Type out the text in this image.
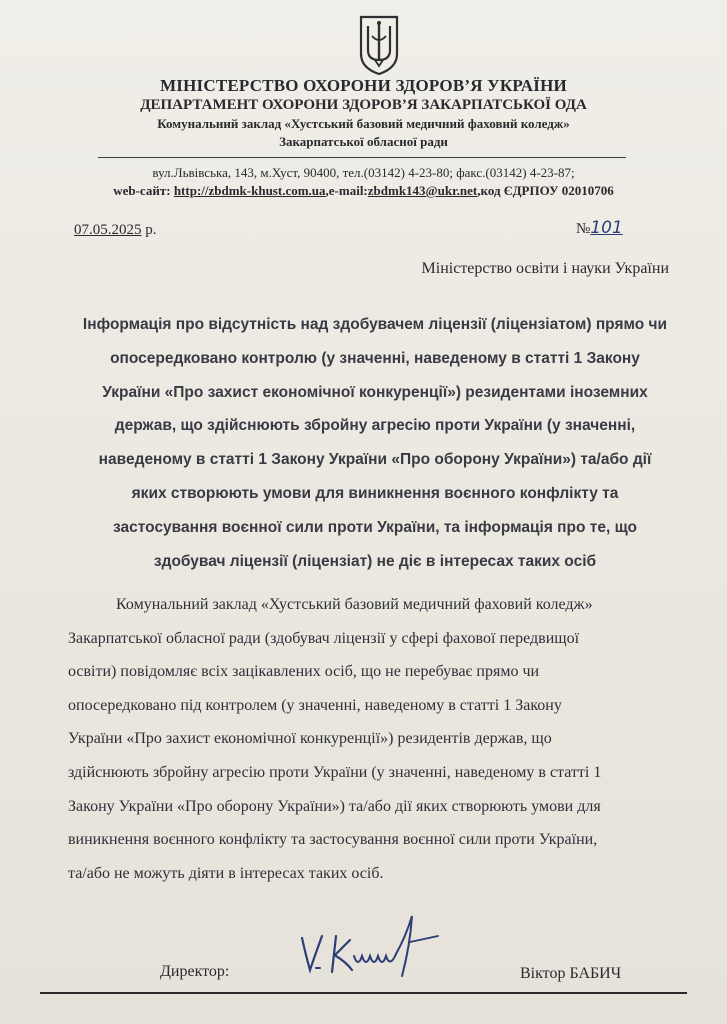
МІНІСТЕРСТВО ОХОРОНИ ЗДОРОВ’Я УКРАЇНИ
ДЕПАРТАМЕНТ ОХОРОНИ ЗДОРОВ’Я ЗАКАРПАТСЬКОЇ ОДА
Комунальний заклад «Хустський базовий медичний фаховий коледж»
Закарпатської обласної ради
вул.Львівська, 143, м.Хуст, 90400, тел.(03142) 4-23-80; факс.(03142) 4-23-87;
web-сайт: http://zbdmk-khust.com.ua,e-mail:zbdmk143@ukr.net,код ЄДРПОУ 02010706
07.05.2025 р.	№101
Міністерство освіти і науки України
Інформація про відсутність над здобувачем ліцензії (ліцензіатом) прямо чи
опосередковано контролю (у значенні, наведеному в статті 1 Закону
України «Про захист економічної конкуренції») резидентами іноземних
держав, що здійснюють збройну агресію проти України (у значенні,
наведеному в статті 1 Закону України «Про оборону України») та/або дії
яких створюють умови для виникнення воєнного конфлікту та
застосування воєнної сили проти України, та інформація про те, що
здобувач ліцензії (ліцензіат) не діє в інтересах таких осіб
Комунальний заклад «Хустський базовий медичний фаховий коледж»
Закарпатської обласної ради (здобувач ліцензії у сфері фахової передвищої
освіти) повідомляє всіх зацікавлених осіб, що не перебуває прямо чи
опосередковано під контролем (у значенні, наведеному в статті 1 Закону
України «Про захист економічної конкуренції») резидентів держав, що
здійснюють збройну агресію проти України (у значенні, наведеному в статті 1
Закону України «Про оборону України») та/або дії яких створюють умови для
виникнення воєнного конфлікту та застосування воєнної сили проти України,
та/або не можуть діяти в інтересах таких осіб.
Директор:	Віктор БАБИЧ
